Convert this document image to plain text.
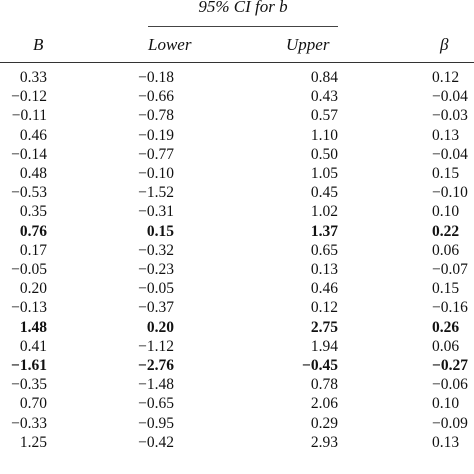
95% CI for b
B	Lower	Upper	β
0.33	−0.18	0.84	0.12
−0.12	−0.66	0.43	−0.04
−0.11	−0.78	0.57	−0.03
0.46	−0.19	1.10	0.13
−0.14	−0.77	0.50	−0.04
0.48	−0.10	1.05	0.15
−0.53	−1.52	0.45	−0.10
0.35	−0.31	1.02	0.10
0.76	0.15	1.37	0.22
0.17	−0.32	0.65	0.06
−0.05	−0.23	0.13	−0.07
0.20	−0.05	0.46	0.15
−0.13	−0.37	0.12	−0.16
1.48	0.20	2.75	0.26
0.41	−1.12	1.94	0.06
−1.61	−2.76	−0.45	−0.27
−0.35	−1.48	0.78	−0.06
0.70	−0.65	2.06	0.10
−0.33	−0.95	0.29	−0.09
1.25	−0.42	2.93	0.13
